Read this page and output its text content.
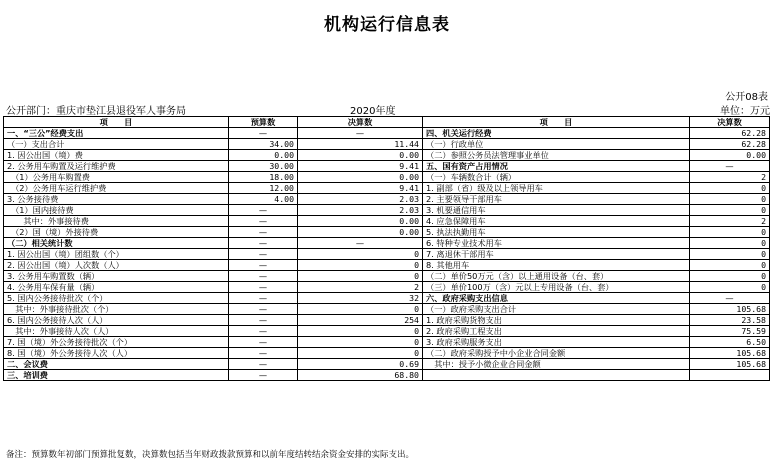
机构运行信息表
公开08表
公开部门：重庆市垫江县退役军人事务局	2020年度	单位：万元
项　　目	预算数	决算数	项　　目	决算数
一、“三公”经费支出	—	—	四、机关运行经费	62.28
（一）支出合计	34.00	11.44	（一）行政单位	62.28
1. 因公出国（境）费	0.00	0.00	（二）参照公务员法管理事业单位	0.00
2. 公务用车购置及运行维护费	30.00	9.41	五、国有资产占用情况	—
　（1）公务用车购置费	18.00	0.00	（一）车辆数合计（辆）	2
　（2）公务用车运行维护费	12.00	9.41	1. 副部（省）级及以上领导用车	0
3. 公务接待费	4.00	2.03	2. 主要领导干部用车	0
　（1）国内接待费	—	2.03	3. 机要通信用车	0
　　其中：外事接待费	—	0.00	4. 应急保障用车	2
　（2）国（境）外接待费	—	0.00	5. 执法执勤用车	0
（二）相关统计数	—	—	6. 特种专业技术用车	0
1. 因公出国（境）团组数（个）	—	0	7. 离退休干部用车	0
2. 因公出国（境）人次数（人）	—	0	8. 其他用车	0
3. 公务用车购置数（辆）	—	0	（二）单价50万元（含）以上通用设备（台、套）	0
4. 公务用车保有量（辆）	—	2	（三）单价100万（含）元以上专用设备（台、套）	0
5. 国内公务接待批次（个）	—	32	六、政府采购支出信息	—
　其中：外事接待批次（个）	—	0	（一）政府采购支出合计	105.68
6. 国内公务接待人次（人）	—	254	1. 政府采购货物支出	23.58
　其中：外事接待人次（人）	—	0	2. 政府采购工程支出	75.59
7. 国（境）外公务接待批次（个）	—	0	3. 政府采购服务支出	6.50
8. 国（境）外公务接待人次（人）	—	0	（二）政府采购授予中小企业合同金额	105.68
二、会议费	—	0.69	　其中：授予小微企业合同金额	105.68
三、培训费	—	68.80		
备注：预算数年初部门预算批复数，决算数包括当年财政拨款预算和以前年度结转结余资金安排的实际支出。
